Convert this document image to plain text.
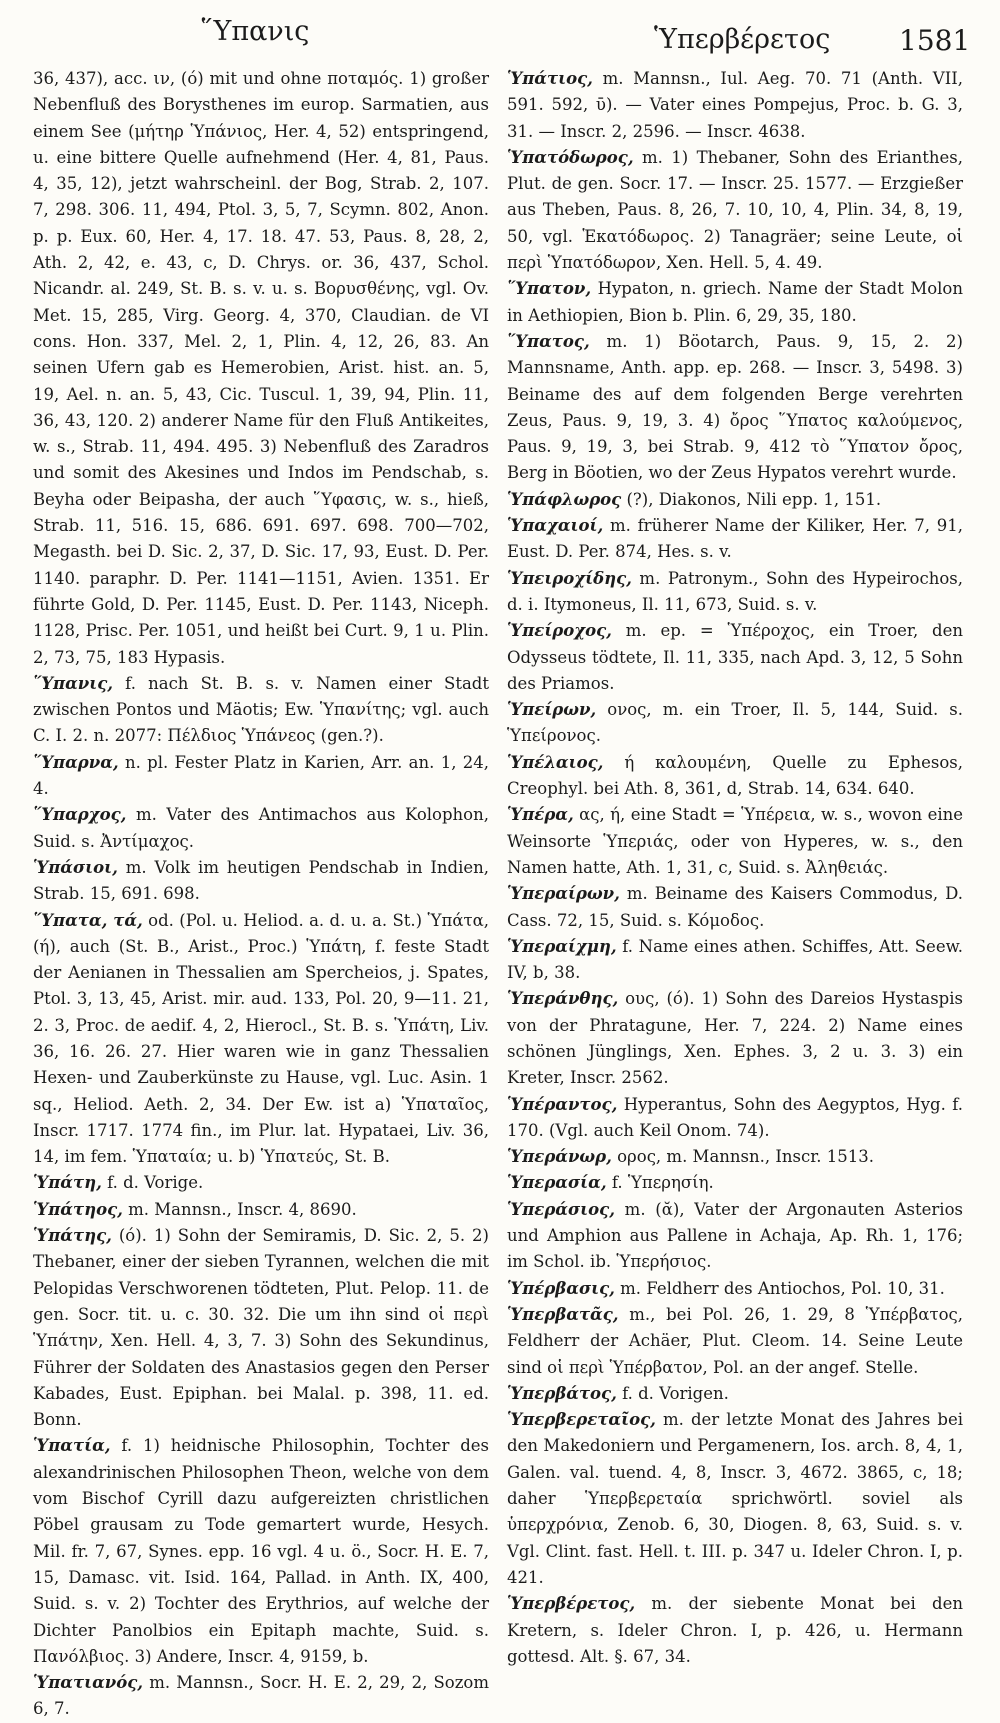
῞Υπανις	Ὑπερβέρετος 1581

36, 437), acc. ιν, (ό) mit und ohne ποταμός. 1) großer Nebenfluß des Borysthenes im europ. Sarmatien, aus einem See (μήτηρ Ὑπάνιος, Her. 4, 52) entspringend, u. eine bittere Quelle aufnehmend (Her. 4, 81, Paus. 4, 35, 12), jetzt wahrscheinl. der Bog, Strab. 2, 107. 7, 298. 306. 11, 494, Ptol. 3, 5, 7, Scymn. 802, Anon. p. p. Eux. 60, Her. 4, 17. 18. 47. 53, Paus. 8, 28, 2, Ath. 2, 42, e. 43, c, D. Chrys. or. 36, 437, Schol. Nicandr. al. 249, St. B. s. v. u. s. Βορυσθένης, vgl. Ov. Met. 15, 285, Virg. Georg. 4, 370, Claudian. de VI cons. Hon. 337, Mel. 2, 1, Plin. 4, 12, 26, 83. An seinen Ufern gab es Hemerobien, Arist. hist. an. 5, 19, Ael. n. an. 5, 43, Cic. Tuscul. 1, 39, 94, Plin. 11, 36, 43, 120. 2) anderer Name für den Fluß Antikeites, w. s., Strab. 11, 494. 495. 3) Nebenfluß des Zaradros und somit des Akesines und Indos im Pendschab, s. Beyha oder Beipasha, der auch ῞Υφασις, w. s., hieß, Strab. 11, 516. 15, 686. 691. 697. 698. 700—702, Megasth. bei D. Sic. 2, 37, D. Sic. 17, 93, Eust. D. Per. 1140. paraphr. D. Per. 1141—1151, Avien. 1351. Er führte Gold, D. Per. 1145, Eust. D. Per. 1143, Niceph. 1128, Prisc. Per. 1051, und heißt bei Curt. 9, 1 u. Plin. 2, 73, 75, 183 Hypasis.

῞Υπανις, f. nach St. B. s. v. Namen einer Stadt zwischen Pontos und Mäotis; Ew. Ὑπανίτης; vgl. auch C. I. 2. n. 2077: Πέλδιος Ὑπάνεος (gen.?).

῞Υπαρνα, n. pl. Fester Platz in Karien, Arr. an. 1, 24, 4.

῞Υπαρχος, m. Vater des Antimachos aus Kolophon, Suid. s. Ἀντίμαχος.

Ὑπάσιοι, m. Volk im heutigen Pendschab in Indien, Strab. 15, 691. 698.

῞Υπατα, τά, od. (Pol. u. Heliod. a. d. u. a. St.) Ὑπάτα, (ή), auch (St. B., Arist., Proc.) Ὑπάτη, f. feste Stadt der Aenianen in Thessalien am Spercheios, j. Spates, Ptol. 3, 13, 45, Arist. mir. aud. 133, Pol. 20, 9—11. 21, 2. 3, Proc. de aedif. 4, 2, Hierocl., St. B. s. Ὑπάτη, Liv. 36, 16. 26. 27. Hier waren wie in ganz Thessalien Hexen- und Zauberkünste zu Hause, vgl. Luc. Asin. 1 sq., Heliod. Aeth. 2, 34. Der Ew. ist a) Ὑπαταῖος, Inscr. 1717. 1774 fin., im Plur. lat. Hypataei, Liv. 36, 14, im fem. Ὑπαταία; u. b) Ὑπατεύς, St. B.

Ὑπάτη, f. d. Vorige.

Ὑπάτηος, m. Mannsn., Inscr. 4, 8690.

Ὑπάτης, (ό). 1) Sohn der Semiramis, D. Sic. 2, 5. 2) Thebaner, einer der sieben Tyrannen, welchen die mit Pelopidas Verschworenen tödteten, Plut. Pelop. 11. de gen. Socr. tit. u. c. 30. 32. Die um ihn sind οἱ περὶ Ὑπάτην, Xen. Hell. 4, 3, 7. 3) Sohn des Sekundinus, Führer der Soldaten des Anastasios gegen den Perser Kabades, Eust. Epiphan. bei Malal. p. 398, 11. ed. Bonn.

Ὑπατία, f. 1) heidnische Philosophin, Tochter des alexandrinischen Philosophen Theon, welche von dem vom Bischof Cyrill dazu aufgereizten christlichen Pöbel grausam zu Tode gemartert wurde, Hesych. Mil. fr. 7, 67, Synes. epp. 16 vgl. 4 u. ö., Socr. H. E. 7, 15, Damasc. vit. Isid. 164, Pallad. in Anth. IX, 400, Suid. s. v. 2) Tochter des Erythrios, auf welche der Dichter Panolbios ein Epitaph machte, Suid. s. Πανόλβιος. 3) Andere, Inscr. 4, 9159, b.

Ὑπατιανός, m. Mannsn., Socr. H. E. 2, 29, 2, Sozom 6, 7.

Ὑπάτιος, m. Mannsn., Iul. Aeg. 70. 71 (Anth. VII, 591. 592, ῡ). — Vater eines Pompejus, Proc. b. G. 3, 31. — Inscr. 2, 2596. — Inscr. 4638.

Ὑπατόδωρος, m. 1) Thebaner, Sohn des Erianthes, Plut. de gen. Socr. 17. — Inscr. 25. 1577. — Erzgießer aus Theben, Paus. 8, 26, 7. 10, 10, 4, Plin. 34, 8, 19, 50, vgl. Ἑκατόδωρος. 2) Tanagräer; seine Leute, οἱ περὶ Ὑπατόδωρον, Xen. Hell. 5, 4. 49.

῞Υπατον, Hypaton, n. griech. Name der Stadt Molon in Aethiopien, Bion b. Plin. 6, 29, 35, 180.

῞Υπατος, m. 1) Böotarch, Paus. 9, 15, 2. 2) Mannsname, Anth. app. ep. 268. — Inscr. 3, 5498. 3) Beiname des auf dem folgenden Berge verehrten Zeus, Paus. 9, 19, 3. 4) ὄρος ῞Υπατος καλούμενος, Paus. 9, 19, 3, bei Strab. 9, 412 τὸ ῞Υπατον ὄρος, Berg in Böotien, wo der Zeus Hypatos verehrt wurde.

Ὑπάφλωρος (?), Diakonos, Nili epp. 1, 151.

Ὑπαχαιοί, m. früherer Name der Kiliker, Her. 7, 91, Eust. D. Per. 874, Hes. s. v.

Ὑπειροχίδης, m. Patronym., Sohn des Hypeirochos, d. i. Itymoneus, Il. 11, 673, Suid. s. v.

Ὑπείροχος, m. ep. = Ὑπέροχος, ein Troer, den Odysseus tödtete, Il. 11, 335, nach Apd. 3, 12, 5 Sohn des Priamos.

Ὑπείρων, ονος, m. ein Troer, Il. 5, 144, Suid. s. Ὑπείρονος.

Ὑπέλαιος, ή καλουμένη, Quelle zu Ephesos, Creophyl. bei Ath. 8, 361, d, Strab. 14, 634. 640.

Ὑπέρα, ας, ή, eine Stadt = Ὑπέρεια, w. s., wovon eine Weinsorte Ὑπεριάς, oder von Hyperes, w. s., den Namen hatte, Ath. 1, 31, c, Suid. s. Ἀληθειάς.

Ὑπεραίρων, m. Beiname des Kaisers Commodus, D. Cass. 72, 15, Suid. s. Κόμοδος.

Ὑπεραίχμη, f. Name eines athen. Schiffes, Att. Seew. IV, b, 38.

Ὑπεράνθης, ους, (ό). 1) Sohn des Dareios Hystaspis von der Phratagune, Her. 7, 224. 2) Name eines schönen Jünglings, Xen. Ephes. 3, 2 u. 3. 3) ein Kreter, Inscr. 2562.

Ὑπέραντος, Hyperantus, Sohn des Aegyptos, Hyg. f. 170. (Vgl. auch Keil Onom. 74).

Ὑπεράνωρ, ορος, m. Mannsn., Inscr. 1513.

Ὑπερασία, f. Ὑπερησίη.

Ὑπεράσιος, m. (ᾰ), Vater der Argonauten Asterios und Amphion aus Pallene in Achaja, Ap. Rh. 1, 176; im Schol. ib. Ὑπερήσιος.

Ὑπέρβασις, m. Feldherr des Antiochos, Pol. 10, 31.

Ὑπερβατᾶς, m., bei Pol. 26, 1. 29, 8 Ὑπέρβατος, Feldherr der Achäer, Plut. Cleom. 14. Seine Leute sind οἱ περὶ Ὑπέρβατον, Pol. an der angef. Stelle.

Ὑπερβάτος, f. d. Vorigen.

Ὑπερβερεταῖος, m. der letzte Monat des Jahres bei den Makedoniern und Pergamenern, Ios. arch. 8, 4, 1, Galen. val. tuend. 4, 8, Inscr. 3, 4672. 3865, c, 18; daher Ὑπερβερεταία sprichwörtl. soviel als ὑπερχρόνια, Zenob. 6, 30, Diogen. 8, 63, Suid. s. v. Vgl. Clint. fast. Hell. t. III. p. 347 u. Ideler Chron. I, p. 421.

Ὑπερβέρετος, m. der siebente Monat bei den Kretern, s. Ideler Chron. I, p. 426, u. Hermann gottesd. Alt. §. 67, 34.
